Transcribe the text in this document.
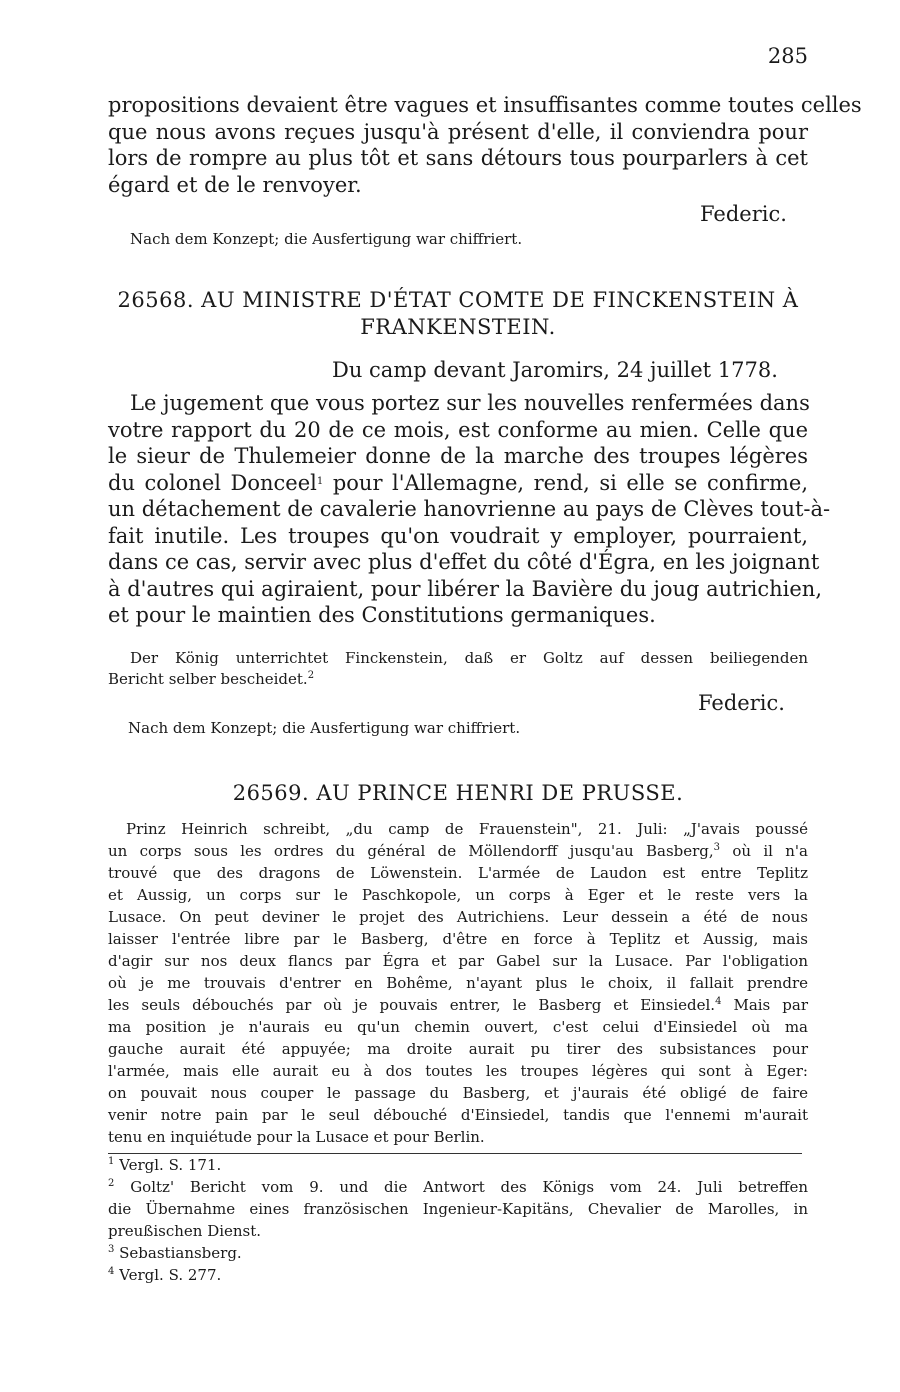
285
propositions devaient être vagues et insuffisantes comme toutes celles
que nous avons reçues jusqu'à présent d'elle, il conviendra pour
lors de rompre au plus tôt et sans détours tous pourparlers à cet
égard et de le renvoyer.
Federic.
Nach dem Konzept; die Ausfertigung war chiffriert.
26568. AU MINISTRE D'ÉTAT COMTE DE FINCKENSTEIN À
FRANKENSTEIN.
Du camp devant Jaromirs, 24 juillet 1778.
Le jugement que vous portez sur les nouvelles renfermées dans
votre rapport du 20 de ce mois, est conforme au mien. Celle que
le sieur de Thulemeier donne de la marche des troupes légères
du colonel Donceel$^1$ pour l'Allemagne, rend, si elle se confirme,
un détachement de cavalerie hanovrienne au pays de Clèves tout-à-
fait inutile. Les troupes qu'on voudrait y employer, pourraient,
dans ce cas, servir avec plus d'effet du côté d'Égra, en les joignant
à d'autres qui agiraient, pour libérer la Bavière du joug autrichien,
et pour le maintien des Constitutions germaniques.
Der König unterrichtet Finckenstein, daß er Goltz auf dessen beiliegenden
Bericht selber bescheidet.$^2$
Federic.
Nach dem Konzept; die Ausfertigung war chiffriert.
26569. AU PRINCE HENRI DE PRUSSE.
Prinz Heinrich schreibt, „du camp de Frauenstein", 21. Juli: „J'avais poussé
un corps sous les ordres du général de Möllendorff jusqu'au Basberg,$^3$ où il n'a
trouvé que des dragons de Löwenstein. L'armée de Laudon est entre Teplitz
et Aussig, un corps sur le Paschkopole, un corps à Eger et le reste vers la
Lusace. On peut deviner le projet des Autrichiens. Leur dessein a été de nous
laisser l'entrée libre par le Basberg, d'être en force à Teplitz et Aussig, mais
d'agir sur nos deux flancs par Égra et par Gabel sur la Lusace. Par l'obligation
où je me trouvais d'entrer en Bohême, n'ayant plus le choix, il fallait prendre
les seuls débouchés par où je pouvais entrer, le Basberg et Einsiedel.$^4$ Mais par
ma position je n'aurais eu qu'un chemin ouvert, c'est celui d'Einsiedel où ma
gauche aurait été appuyée; ma droite aurait pu tirer des subsistances pour
l'armée, mais elle aurait eu à dos toutes les troupes légères qui sont à Eger:
on pouvait nous couper le passage du Basberg, et j'aurais été obligé de faire
venir notre pain par le seul débouché d'Einsiedel, tandis que l'ennemi m'aurait
tenu en inquiétude pour la Lusace et pour Berlin.
$^1$ Vergl. S. 171.
$^2$ Goltz' Bericht vom 9. und die Antwort des Königs vom 24. Juli betreffen
die Übernahme eines französischen Ingenieur-Kapitäns, Chevalier de Marolles, in
preußischen Dienst.
$^3$ Sebastiansberg.
$^4$ Vergl. S. 277.
